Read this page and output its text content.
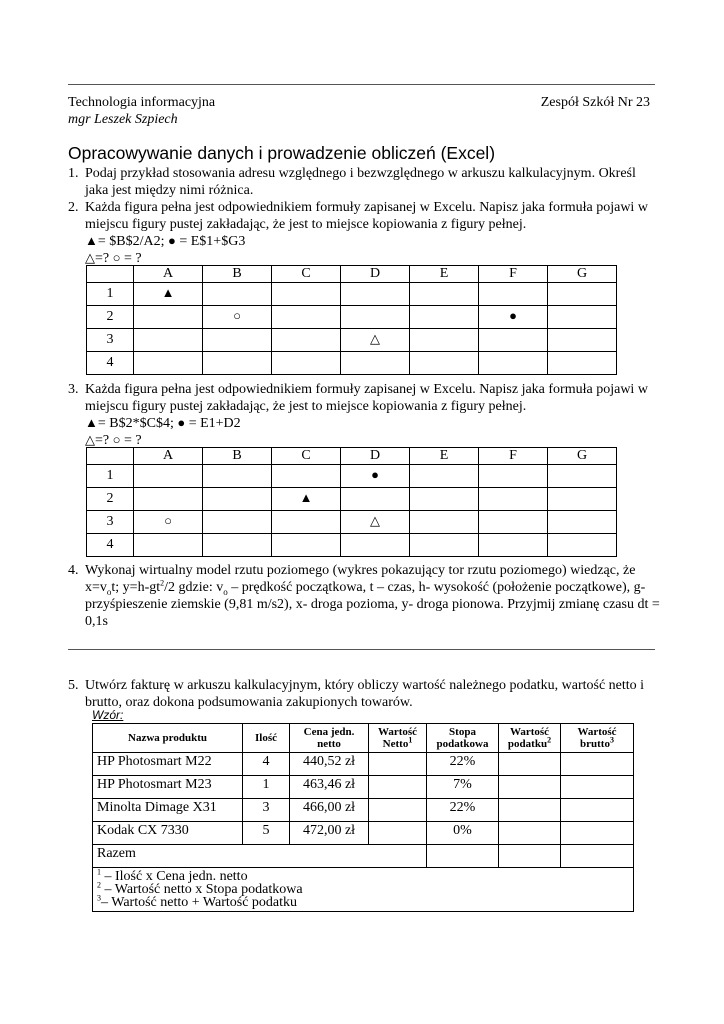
Technologia informacyjna	Zespół Szkół Nr 23
mgr Leszek Szpiech
Opracowywanie danych i prowadzenie obliczeń (Excel)
1. Podaj przykład stosowania adresu względnego i bezwzględnego w arkuszu kalkulacyjnym. Określ jaka jest między nimi różnica.
2. Każda figura pełna jest odpowiednikiem formuły zapisanej w Excelu. Napisz jaka formuła pojawi w miejscu figury pustej zakładając, że jest to miejsce kopiowania z figury pełnej.
▲= $B$2/A2; ● = E$1+$G3
△=? ○ = ?
	A	B	C	D	E	F	G
1	▲						
2		○				●	
3				△			
4							
3. Każda figura pełna jest odpowiednikiem formuły zapisanej w Excelu. Napisz jaka formuła pojawi w miejscu figury pustej zakładając, że jest to miejsce kopiowania z figury pełnej.
▲= B$2*$C$4; ● = E1+D2
△=? ○ = ?
	A	B	C	D	E	F	G
1				●			
2			▲				
3	○			△			
4							
4. Wykonaj wirtualny model rzutu poziomego (wykres pokazujący tor rzutu poziomego) wiedząc, że $x=v_ot$; $y=h-gt^2/2$ gdzie: $v_o$ – prędkość początkowa, t – czas, h- wysokość (położenie początkowe), g- przyśpieszenie ziemskie (9,81 m/s2), x- droga pozioma, y- droga pionowa. Przyjmij zmianę czasu dt = 0,1s
5. Utwórz fakturę w arkuszu kalkulacyjnym, który obliczy wartość należnego podatku, wartość netto i brutto, oraz dokona podsumowania zakupionych towarów.
Wzór:
Nazwa produktu	Ilość	Cena jedn. netto	Wartość Netto$^1$	Stopa podatkowa	Wartość podatku$^2$	Wartość brutto$^3$
HP Photosmart M22	4	440,52 zł		22%		
HP Photosmart M23	1	463,46 zł		7%		
Minolta Dimage X31	3	466,00 zł		22%		
Kodak CX 7330	5	472,00 zł		0%		
Razem						

$^1$ – Ilość x Cena jedn. netto
$^2$ – Wartość netto x Stopa podatkowa
$^3$– Wartość netto + Wartość podatku						
